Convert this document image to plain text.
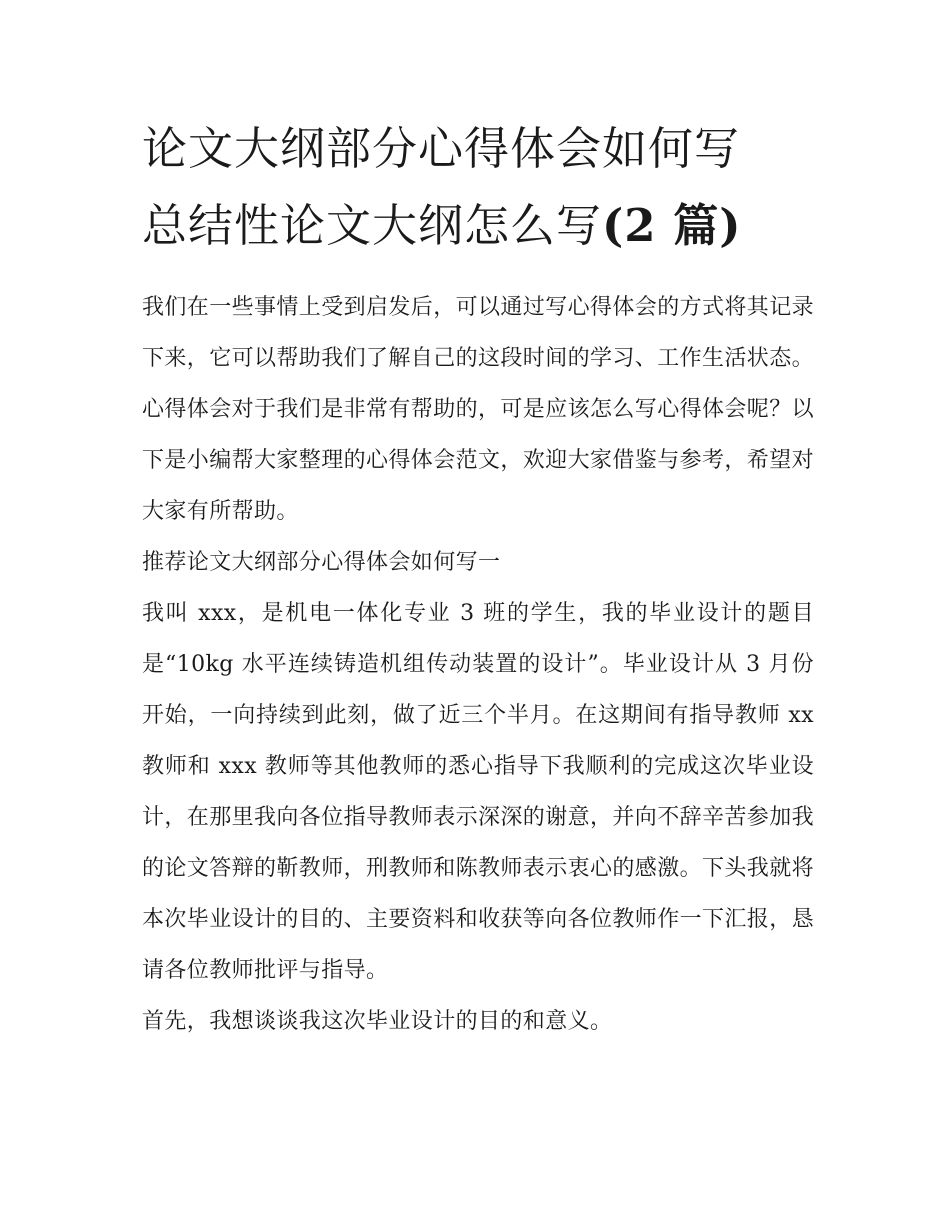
论文大纲部分心得体会如何写
总结性论文大纲怎么写(2 篇)

我们在一些事情上受到启发后，可以通过写心得体会的方式将其记录下来，它可以帮助我们了解自己的这段时间的学习、工作生活状态。心得体会对于我们是非常有帮助的，可是应该怎么写心得体会呢？以下是小编帮大家整理的心得体会范文，欢迎大家借鉴与参考，希望对大家有所帮助。

推荐论文大纲部分心得体会如何写一

我叫 xxx，是机电一体化专业 3 班的学生，我的毕业设计的题目是“10kg 水平连续铸造机组传动装置的设计”。毕业设计从 3 月份开始，一向持续到此刻，做了近三个半月。在这期间有指导教师 xx 教师和 xxx 教师等其他教师的悉心指导下我顺利的完成这次毕业设计，在那里我向各位指导教师表示深深的谢意，并向不辞辛苦参加我的论文答辩的靳教师，刑教师和陈教师表示衷心的感激。下头我就将本次毕业设计的目的、主要资料和收获等向各位教师作一下汇报，恳请各位教师批评与指导。

首先，我想谈谈我这次毕业设计的目的和意义。
